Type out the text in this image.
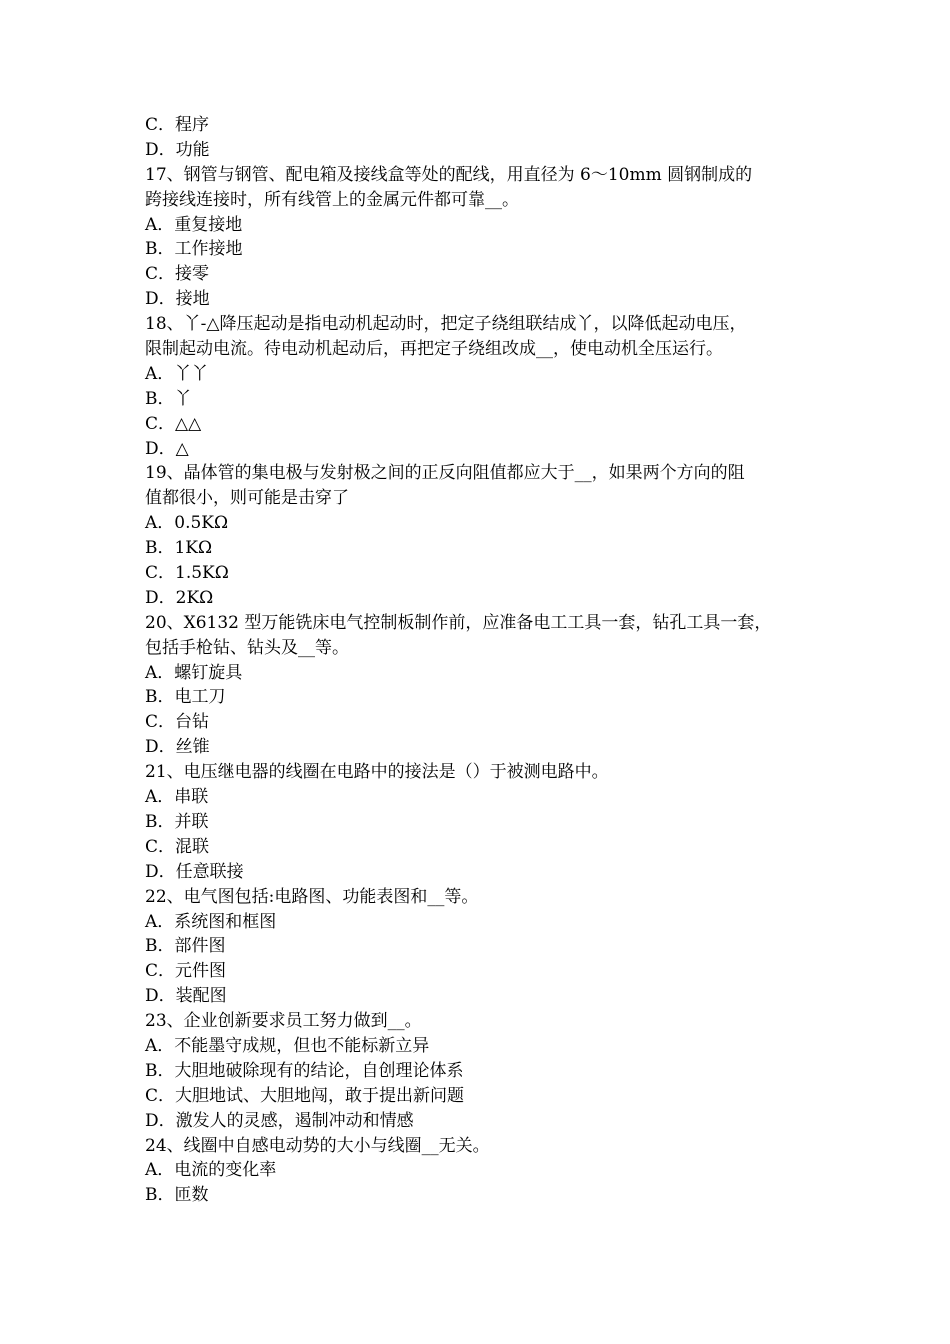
C．程序
D．功能
17、钢管与钢管、配电箱及接线盒等处的配线，用直径为 6～10mm 圆钢制成的
跨接线连接时，所有线管上的金属元件都可靠__。
A．重复接地
B．工作接地
C．接零
D．接地
18、丫-△降压起动是指电动机起动时，把定子绕组联结成丫，以降低起动电压，
限制起动电流。待电动机起动后，再把定子绕组改成__，使电动机全压运行。
A．丫丫
B．丫
C．△△
D．△
19、晶体管的集电极与发射极之间的正反向阻值都应大于__，如果两个方向的阻
值都很小，则可能是击穿了
A．0.5KΩ
B．1KΩ
C．1.5KΩ
D．2KΩ
20、X6132 型万能铣床电气控制板制作前，应准备电工工具一套，钻孔工具一套，
包括手枪钻、钻头及__等。
A．螺钉旋具
B．电工刀
C．台钻
D．丝锥
21、电压继电器的线圈在电路中的接法是（）于被测电路中。
A．串联
B．并联
C．混联
D．任意联接
22、电气图包括:电路图、功能表图和__等。
A．系统图和框图
B．部件图
C．元件图
D．装配图
23、企业创新要求员工努力做到__。
A．不能墨守成规，但也不能标新立异
B．大胆地破除现有的结论，自创理论体系
C．大胆地试、大胆地闯，敢于提出新问题
D．激发人的灵感，遏制冲动和情感
24、线圈中自感电动势的大小与线圈__无关。
A．电流的变化率
B．匝数
